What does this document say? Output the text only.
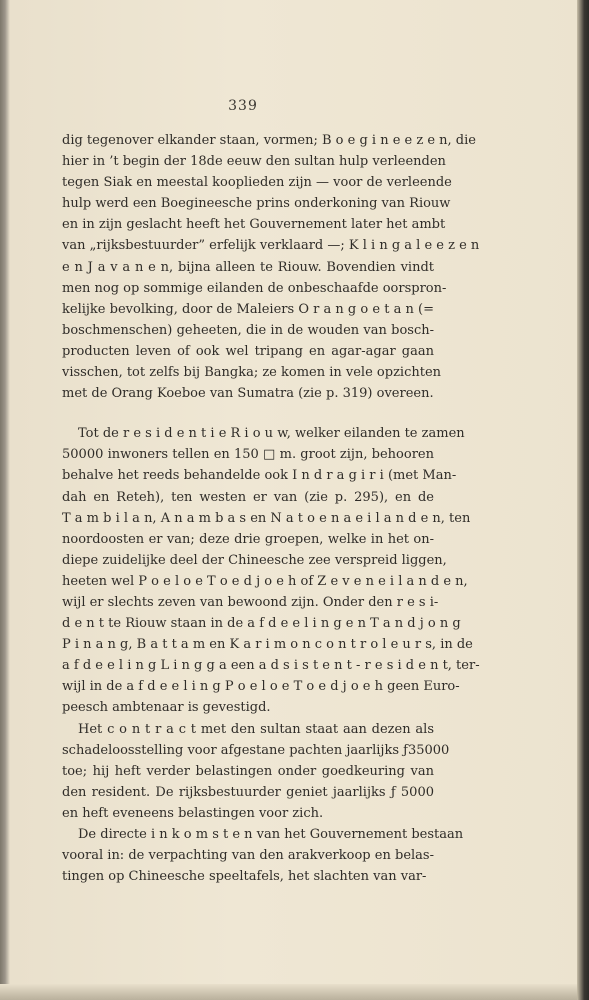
339
dig tegenover elkander staan, vormen; B o e g i n e e z e n, die
hier in ’t begin der 18de eeuw den sultan hulp verleenden
tegen Siak en meestal kooplieden zijn — voor de verleende
hulp werd een Boegineesche prins onderkoning van Riouw
en in zijn geslacht heeft het Gouvernement later het ambt
van „rijksbestuurder” erfelijk verklaard —; K l i n g a l e e z e n
e n J a v a n e n, bijna alleen te Riouw. Bovendien vindt
men nog op sommige eilanden de onbeschaafde oorspron-
kelijke bevolking, door de Maleiers O r a n g o e t a n (=
boschmenschen) geheeten, die in de wouden van bosch-
producten leven of ook wel tripang en agar-agar gaan
visschen, tot zelfs bij Bangka; ze komen in vele opzichten
met de Orang Koeboe van Sumatra (zie p. 319) overeen.
Tot de r e s i d e n t i e R i o u w, welker eilanden te zamen
50000 inwoners tellen en 150 □ m. groot zijn, behooren
behalve het reeds behandelde ook I n d r a g i r i (met Man-
dah en Reteh), ten westen er van (zie p. 295), en de
T a m b i l a n, A n a m b a s en N a t o e n a e i l a n d e n, ten
noordoosten er van; deze drie groepen, welke in het on-
diepe zuidelijke deel der Chineesche zee verspreid liggen,
heeten wel P o e l o e T o e d j o e h of Z e v e n e i l a n d e n,
wijl er slechts zeven van bewoond zijn. Onder den r e s i-
d e n t te Riouw staan in de a f d e e l i n g e n T a n d j o n g
P i n a n g, B a t t a m en K a r i m o n c o n t r o l e u r s, in de
a f d e e l i n g L i n g g a een a d s i s t e n t - r e s i d e n t, ter-
wijl in de a f d e e l i n g P o e l o e T o e d j o e h geen Euro-
peesch ambtenaar is gevestigd.
Het c o n t r a c t met den sultan staat aan dezen als
schadeloosstelling voor afgestane pachten jaarlijks ƒ35000
toe; hij heft verder belastingen onder goedkeuring van
den resident. De rijksbestuurder geniet jaarlijks ƒ 5000
en heft eveneens belastingen voor zich.
De directe i n k o m s t e n van het Gouvernement bestaan
vooral in: de verpachting van den arakverkoop en belas-
tingen op Chineesche speeltafels, het slachten van var-
